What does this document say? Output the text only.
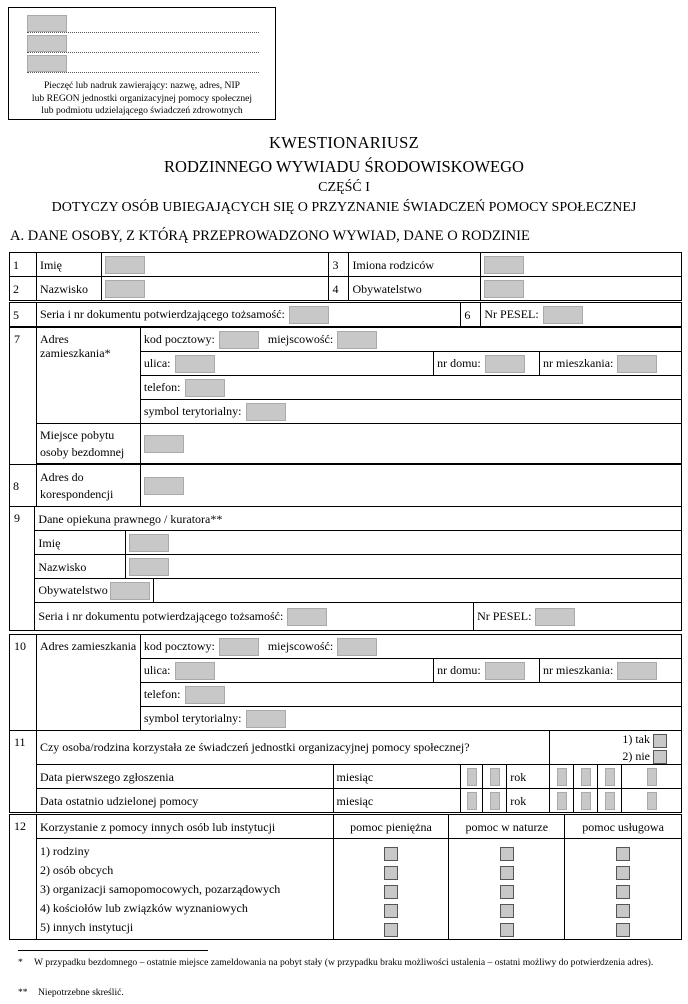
Pieczęć lub nadruk zawierający: nazwę, adres, NIP
lub REGON jednostki organizacyjnej pomocy społecznej
lub podmiotu udzielającego świadczeń zdrowotnych
KWESTIONARIUSZ
RODZINNEGO WYWIADU ŚRODOWISKOWEGO
CZĘŚĆ I
DOTYCZY OSÓB UBIEGAJĄCYCH SIĘ O PRZYZNANIE ŚWIADCZEŃ POMOCY SPOŁECZNEJ
A. DANE OSOBY, Z KTÓRĄ PRZEPROWADZONO WYWIAD, DANE O RODZINIE
1	Imię		3	Imiona rodziców	
2	Nazwisko		4	Obywatelstwo	
5	Seria i nr dokumentu potwierdzającego tożsamość:	6	Nr PESEL:
7	Adres zamieszkania*	kod pocztowy: miejscowość:		
		ulica:	nr domu:	nr mieszkania:
		telefon:		
		symbol terytorialny:		
	Miejsce pobytu osoby bezdomnej			

8	Adres do korespondencji	
9	Dane opiekuna prawnego / kuratora**			
	Imię			
	Nazwisko			
	Obywatelstwo			
	Seria i nr dokumentu potwierdzającego tożsamość:			Nr PESEL:
10	Adres zamieszkania	kod pocztowy: miejscowość:		
		ulica:	nr domu:	nr mieszkania:
		telefon:		
		symbol terytorialny:		
11	Czy osoba/rodzina korzystała ze świadczeń jednostki organizacyjnej pomocy społecznej?					1) tak
2) nie			
	Data pierwszego zgłoszenia	miesiąc			rok				
	Data ostatnio udzielonej pomocy	miesiąc			rok				
12	Korzystanie z pomocy innych osób lub instytucji	pomoc pieniężna	pomoc w naturze	pomoc usługowa

	1) rodziny
2) osób obcych
3) organizacji samopomocowych, pozarządowych
4) kościołów lub związków wyznaniowych
5) innych instytucji			

* W przypadku bezdomnego – ostatnie miejsce zameldowania na pobyt stały (w przypadku braku możliwości ustalenia – ostatni możliwy do potwierdzenia adres).
** Niepotrzebne skreślić.
